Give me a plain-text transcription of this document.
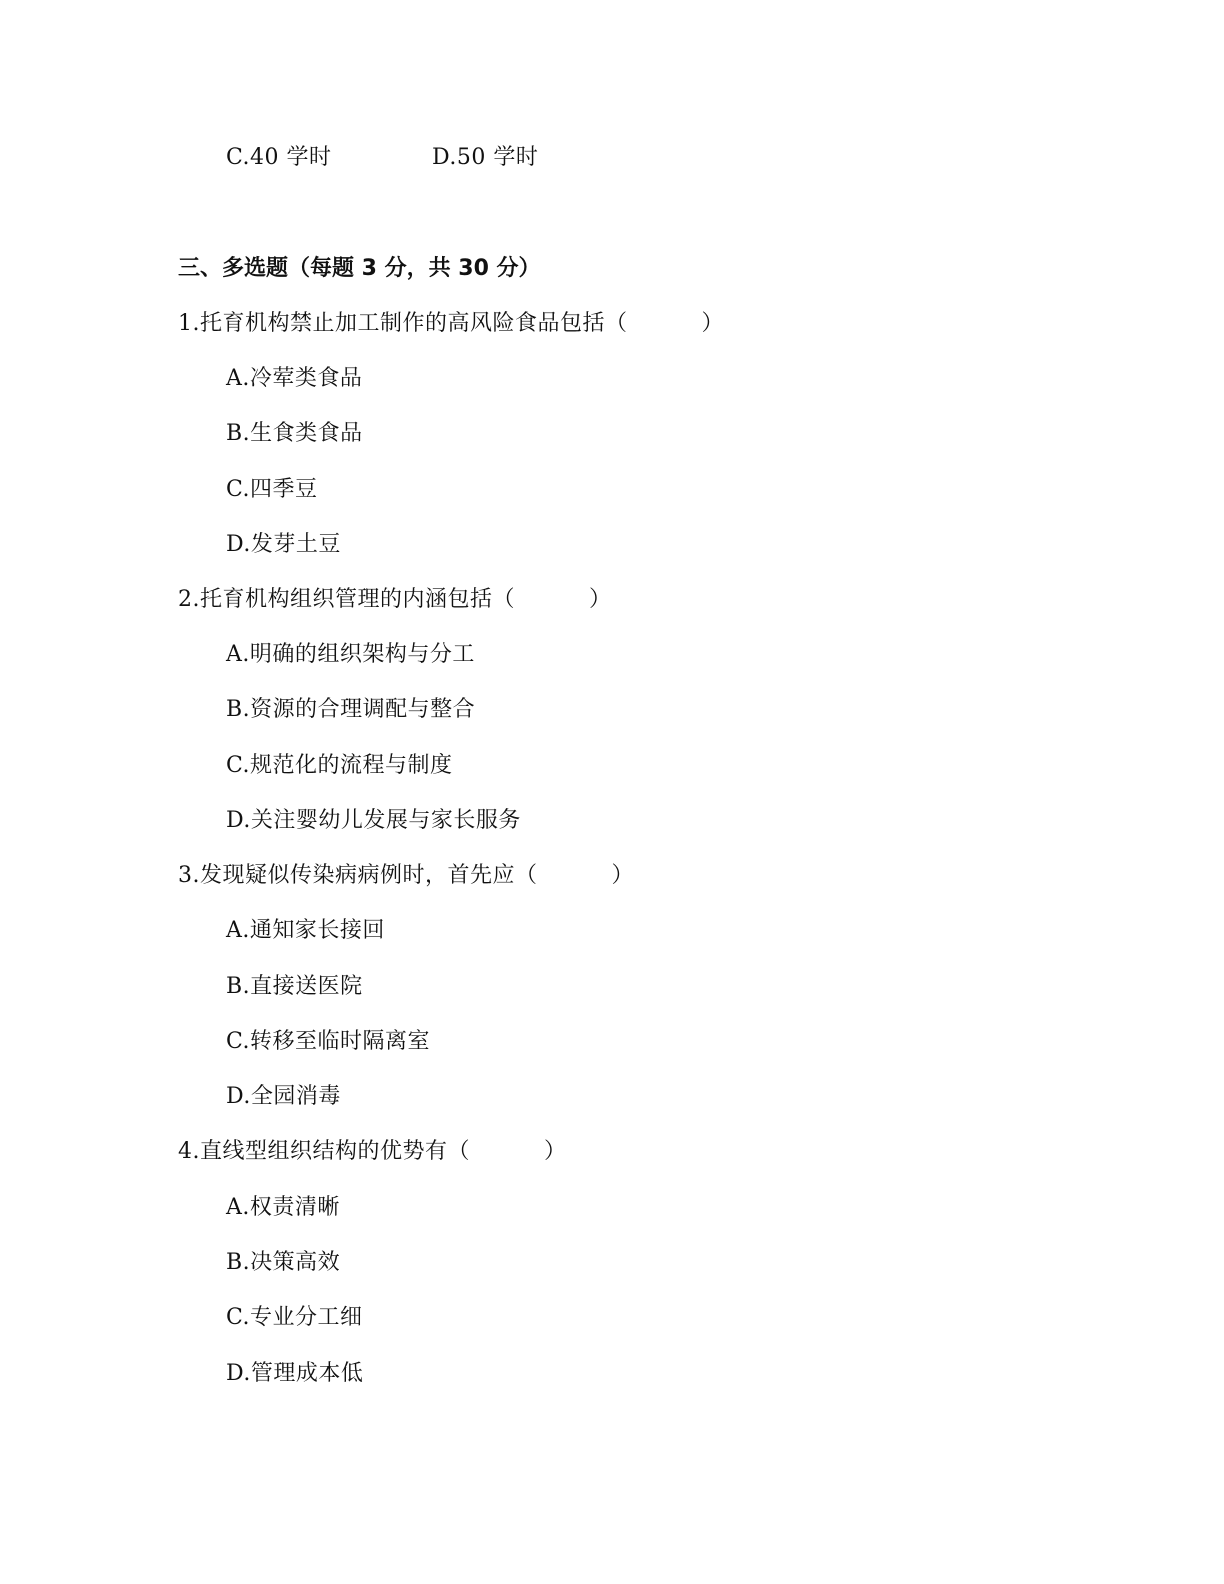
C.40 学时	D.50 学时
三、多选题（每题 3 分，共 30 分）
1.托育机构禁止加工制作的高风险食品包括（	）
A.冷荤类食品
B.生食类食品
C.四季豆
D.发芽土豆
2.托育机构组织管理的内涵包括（	）
A.明确的组织架构与分工
B.资源的合理调配与整合
C.规范化的流程与制度
D.关注婴幼儿发展与家长服务
3.发现疑似传染病病例时，首先应（	）
A.通知家长接回
B.直接送医院
C.转移至临时隔离室
D.全园消毒
4.直线型组织结构的优势有（	）
A.权责清晰
B.决策高效
C.专业分工细
D.管理成本低
